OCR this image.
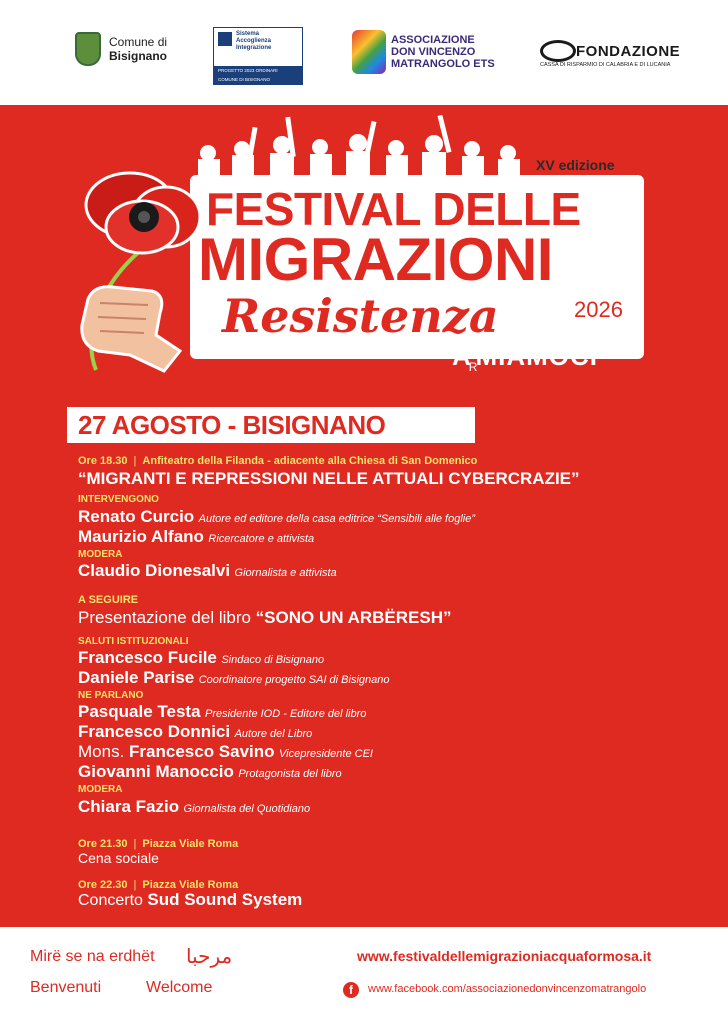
Comune di
Bisignano
Sistema
Accoglienza
Integrazione
PROGETTO 2023 ORDINARI
COMUNE DI BISIGNANO
ASSOCIAZIONE
DON VINCENZO
MATRANGOLO ETS
FONDAZIONE
CASSA DI RISPARMIO DI CALABRIA E DI LUCANIA
XV edizione
FESTIVAL DELLE
MIGRAZIONI
Resistenza	2026
$A_RMIAMOCI$
27 AGOSTO - BISIGNANO
Ore 18.30 | Anfiteatro della Filanda - adiacente alla Chiesa di San Domenico
“MIGRANTI E REPRESSIONI NELLE ATTUALI CYBERCRAZIE”
INTERVENGONO
Renato Curcio Autore ed editore della casa editrice “Sensibili alle foglie”
Maurizio Alfano Ricercatore e attivista
MODERA
Claudio Dionesalvi Giornalista e attivista
A SEGUIRE
Presentazione del libro “SONO UN ARBËRESH”
SALUTI ISTITUZIONALI
Francesco Fucile Sindaco di Bisignano
Daniele Parise Coordinatore progetto SAI di Bisignano
NE PARLANO
Pasquale Testa Presidente IOD - Editore del libro
Francesco Donnici Autore del Libro
Mons. Francesco Savino Vicepresidente CEI
Giovanni Manoccio Protagonista del libro
MODERA
Chiara Fazio Giornalista del Quotidiano
Ore 21.30 | Piazza Viale Roma
Cena sociale
Ore 22.30 | Piazza Viale Roma
Concerto Sud Sound System
Mirë se na erdhët مرحبا
Benvenuti	Welcome
www.festivaldellemigrazioniacquaformosa.it
f	www.facebook.com/associazionedonvincenzomatrangolo
